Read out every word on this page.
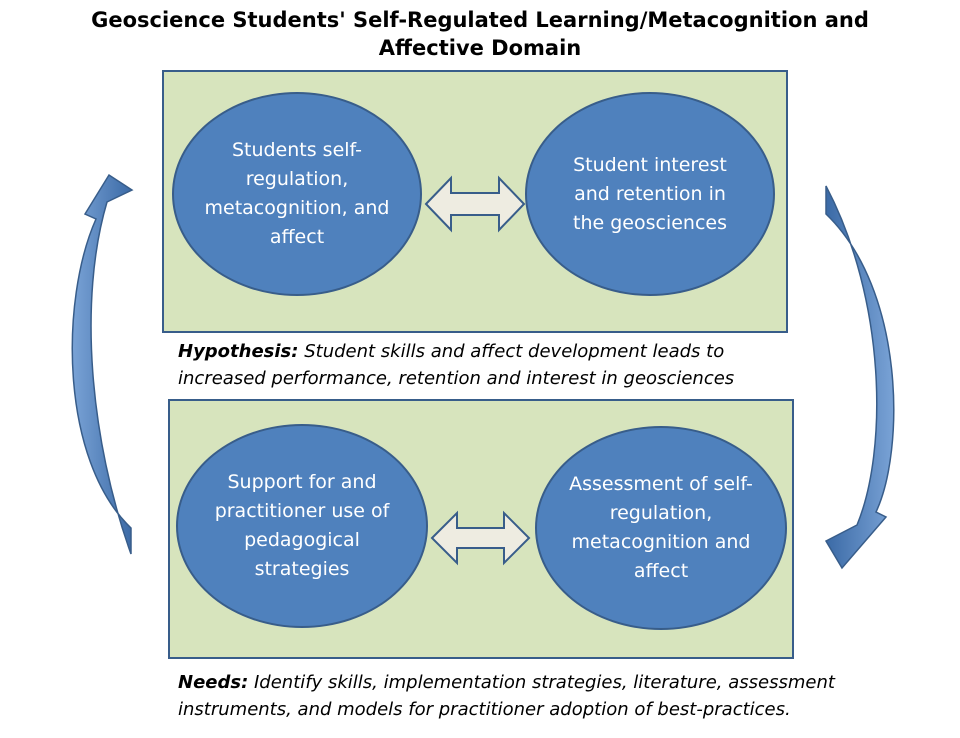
Geoscience Students' Self-Regulated Learning/Metacognition and
Affective Domain
Students self-regulation, metacognition, and affect
Student interest and retention in the geosciences
Support for and practitioner use of pedagogical strategies
Assessment of self-regulation, metacognition and affect
Hypothesis: Student skills and affect development leads to increased performance, retention and interest in geosciences
Needs: Identify skills, implementation strategies, literature, assessment instruments, and models for practitioner adoption of best-practices.
